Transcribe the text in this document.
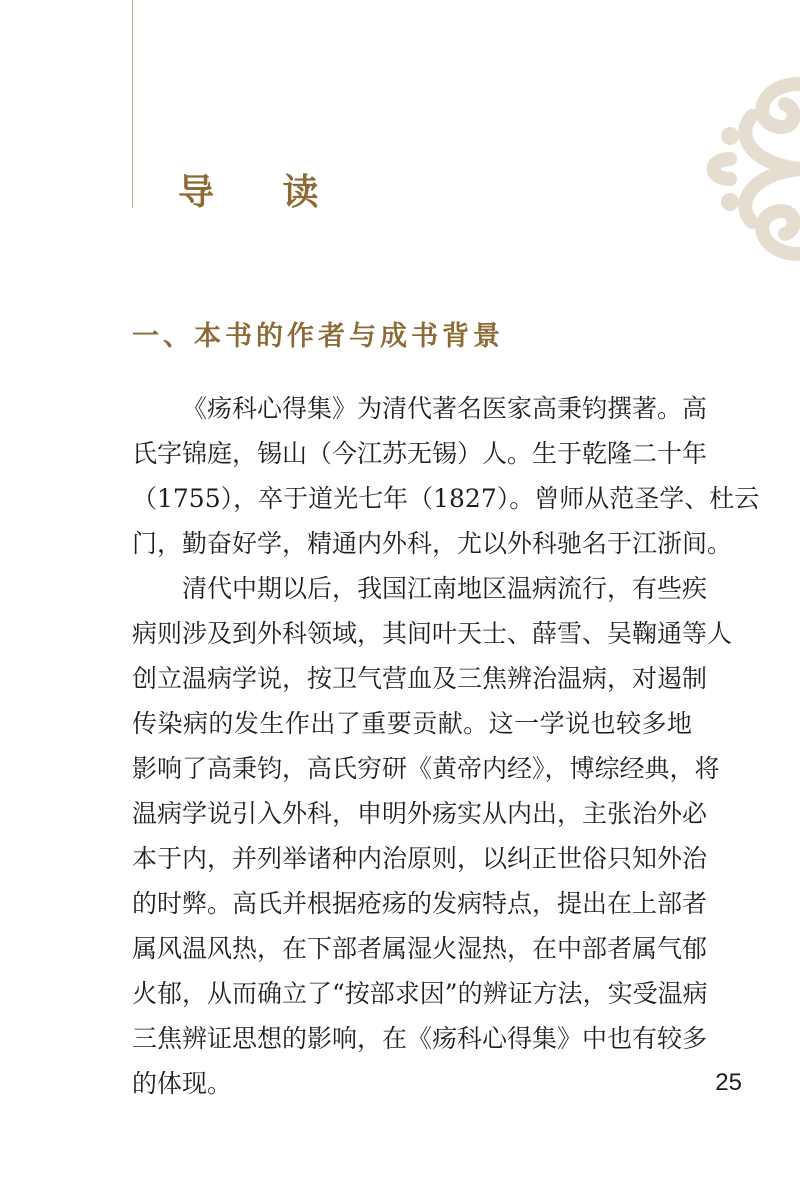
导 读
一、本书的作者与成书背景

《疡科心得集》为清代著名医家高秉钧撰著。高
氏字锦庭，锡山（今江苏无锡）人。生于乾隆二十年
（1755），卒于道光七年（1827）。曾师从范圣学、杜云
门，勤奋好学，精通内外科，尤以外科驰名于江浙间。

清代中期以后，我国江南地区温病流行，有些疾
病则涉及到外科领域，其间叶天士、薛雪、吴鞠通等人
创立温病学说，按卫气营血及三焦辨治温病，对遏制
传染病的发生作出了重要贡献。这一学说也较多地
影响了高秉钧，高氏穷研《黄帝内经》，博综经典，将
温病学说引入外科，申明外疡实从内出，主张治外必
本于内，并列举诸种内治原则，以纠正世俗只知外治
的时弊。高氏并根据疮疡的发病特点，提出在上部者
属风温风热，在下部者属湿火湿热，在中部者属气郁
火郁，从而确立了“按部求因”的辨证方法，实受温病
三焦辨证思想的影响，在《疡科心得集》中也有较多
的体现。	25
